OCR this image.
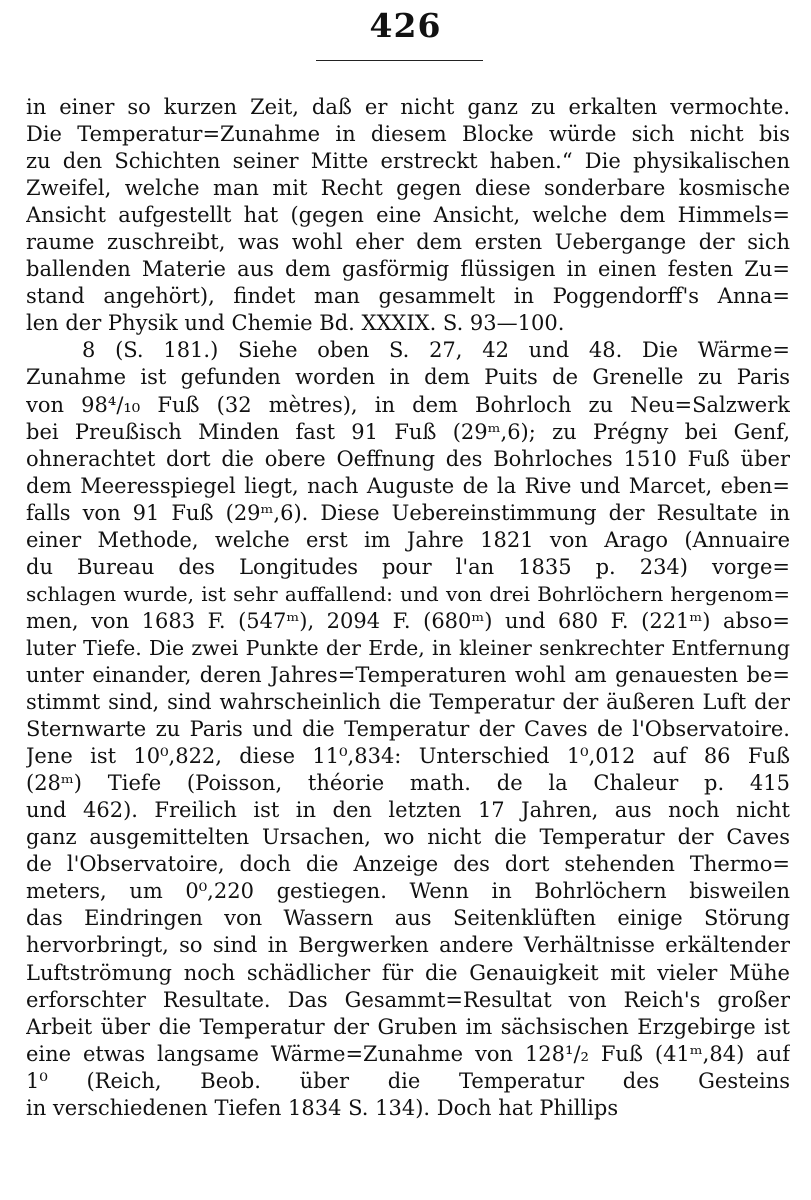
426
in einer so kurzen Zeit, daß er nicht ganz zu erkalten vermochte.
Die Temperatur=Zunahme in diesem Blocke würde sich nicht bis
zu den Schichten seiner Mitte erstreckt haben.“ Die physikalischen
Zweifel, welche man mit Recht gegen diese sonderbare kosmische
Ansicht aufgestellt hat (gegen eine Ansicht, welche dem Himmels=
raume zuschreibt, was wohl eher dem ersten Uebergange der sich
ballenden Materie aus dem gasförmig flüssigen in einen festen Zu=
stand angehört), findet man gesammelt in Poggendorff's Anna=
len der Physik und Chemie Bd. XXXIX. S. 93—100.
8 (S. 181.) Siehe oben S. 27, 42 und 48. Die Wärme=
Zunahme ist gefunden worden in dem Puits de Grenelle zu Paris
von 98⁴/₁₀ Fuß (32 mètres), in dem Bohrloch zu Neu=Salzwerk
bei Preußisch Minden fast 91 Fuß (29ᵐ,6); zu Prégny bei Genf,
ohnerachtet dort die obere Oeffnung des Bohrloches 1510 Fuß über
dem Meeresspiegel liegt, nach Auguste de la Rive und Marcet, eben=
falls von 91 Fuß (29ᵐ,6). Diese Uebereinstimmung der Resultate in
einer Methode, welche erst im Jahre 1821 von Arago (Annuaire
du Bureau des Longitudes pour l'an 1835 p. 234) vorge=
schlagen wurde, ist sehr auffallend: und von drei Bohrlöchern hergenom=
men, von 1683 F. (547ᵐ), 2094 F. (680ᵐ) und 680 F. (221ᵐ) abso=
luter Tiefe. Die zwei Punkte der Erde, in kleiner senkrechter Entfernung
unter einander, deren Jahres=Temperaturen wohl am genauesten be=
stimmt sind, sind wahrscheinlich die Temperatur der äußeren Luft der
Sternwarte zu Paris und die Temperatur der Caves de l'Observatoire.
Jene ist 10⁰,822, diese 11⁰,834: Unterschied 1⁰,012 auf 86 Fuß
(28ᵐ) Tiefe (Poisson, théorie math. de la Chaleur p. 415
und 462). Freilich ist in den letzten 17 Jahren, aus noch nicht
ganz ausgemittelten Ursachen, wo nicht die Temperatur der Caves
de l'Observatoire, doch die Anzeige des dort stehenden Thermo=
meters, um 0⁰,220 gestiegen. Wenn in Bohrlöchern bisweilen
das Eindringen von Wassern aus Seitenklüften einige Störung
hervorbringt, so sind in Bergwerken andere Verhältnisse erkältender
Luftströmung noch schädlicher für die Genauigkeit mit vieler Mühe
erforschter Resultate. Das Gesammt=Resultat von Reich's großer
Arbeit über die Temperatur der Gruben im sächsischen Erzgebirge ist
eine etwas langsame Wärme=Zunahme von 128¹/₂ Fuß (41ᵐ,84) auf
1⁰ (Reich, Beob. über die Temperatur des Gesteins
in verschiedenen Tiefen 1834 S. 134). Doch hat Phillips
